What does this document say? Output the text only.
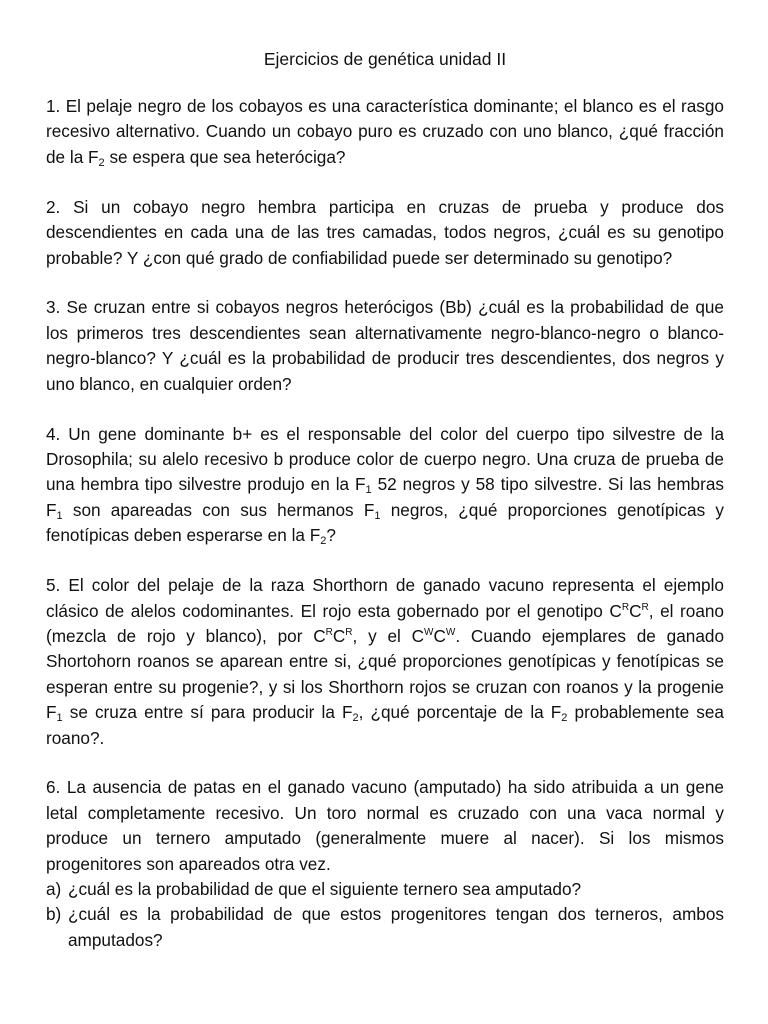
Ejercicios de genética unidad II

1. El pelaje negro de los cobayos es una característica dominante; el blanco es el rasgo recesivo alternativo. Cuando un cobayo puro es cruzado con uno blanco, ¿qué fracción de la $F_2$ se espera que sea heteróciga?

2. Si un cobayo negro hembra participa en cruzas de prueba y produce dos descendientes en cada una de las tres camadas, todos negros, ¿cuál es su genotipo probable? Y ¿con qué grado de confiabilidad puede ser determinado su genotipo?

3. Se cruzan entre si cobayos negros heterócigos (Bb) ¿cuál es la probabilidad de que los primeros tres descendientes sean alternativamente negro-blanco-negro o blanco-negro-blanco? Y ¿cuál es la probabilidad de producir tres descendientes, dos negros y uno blanco, en cualquier orden?

4. Un gene dominante b+ es el responsable del color del cuerpo tipo silvestre de la Drosophila; su alelo recesivo b produce color de cuerpo negro. Una cruza de prueba de una hembra tipo silvestre produjo en la $F_1$ 52 negros y 58 tipo silvestre. Si las hembras $F_1$ son apareadas con sus hermanos $F_1$ negros, ¿qué proporciones genotípicas y fenotípicas deben esperarse en la $F_2$?

5. El color del pelaje de la raza Shorthorn de ganado vacuno representa el ejemplo clásico de alelos codominantes. El rojo esta gobernado por el genotipo $C^RC^R$, el roano (mezcla de rojo y blanco), por $C^RC^R$, y el $C^WC^W$. Cuando ejemplares de ganado Shortohorn roanos se aparean entre si, ¿qué proporciones genotípicas y fenotípicas se esperan entre su progenie?, y si los Shorthorn rojos se cruzan con roanos y la progenie $F_1$ se cruza entre sí para producir la $F_2$, ¿qué porcentaje de la $F_2$ probablemente sea roano?.

6. La ausencia de patas en el ganado vacuno (amputado) ha sido atribuida a un gene letal completamente recesivo. Un toro normal es cruzado con una vaca normal y produce un ternero amputado (generalmente muere al nacer). Si los mismos progenitores son apareados otra vez.
a) ¿cuál es la probabilidad de que el siguiente ternero sea amputado?
b) ¿cuál es la probabilidad de que estos progenitores tengan dos terneros, ambos amputados?
